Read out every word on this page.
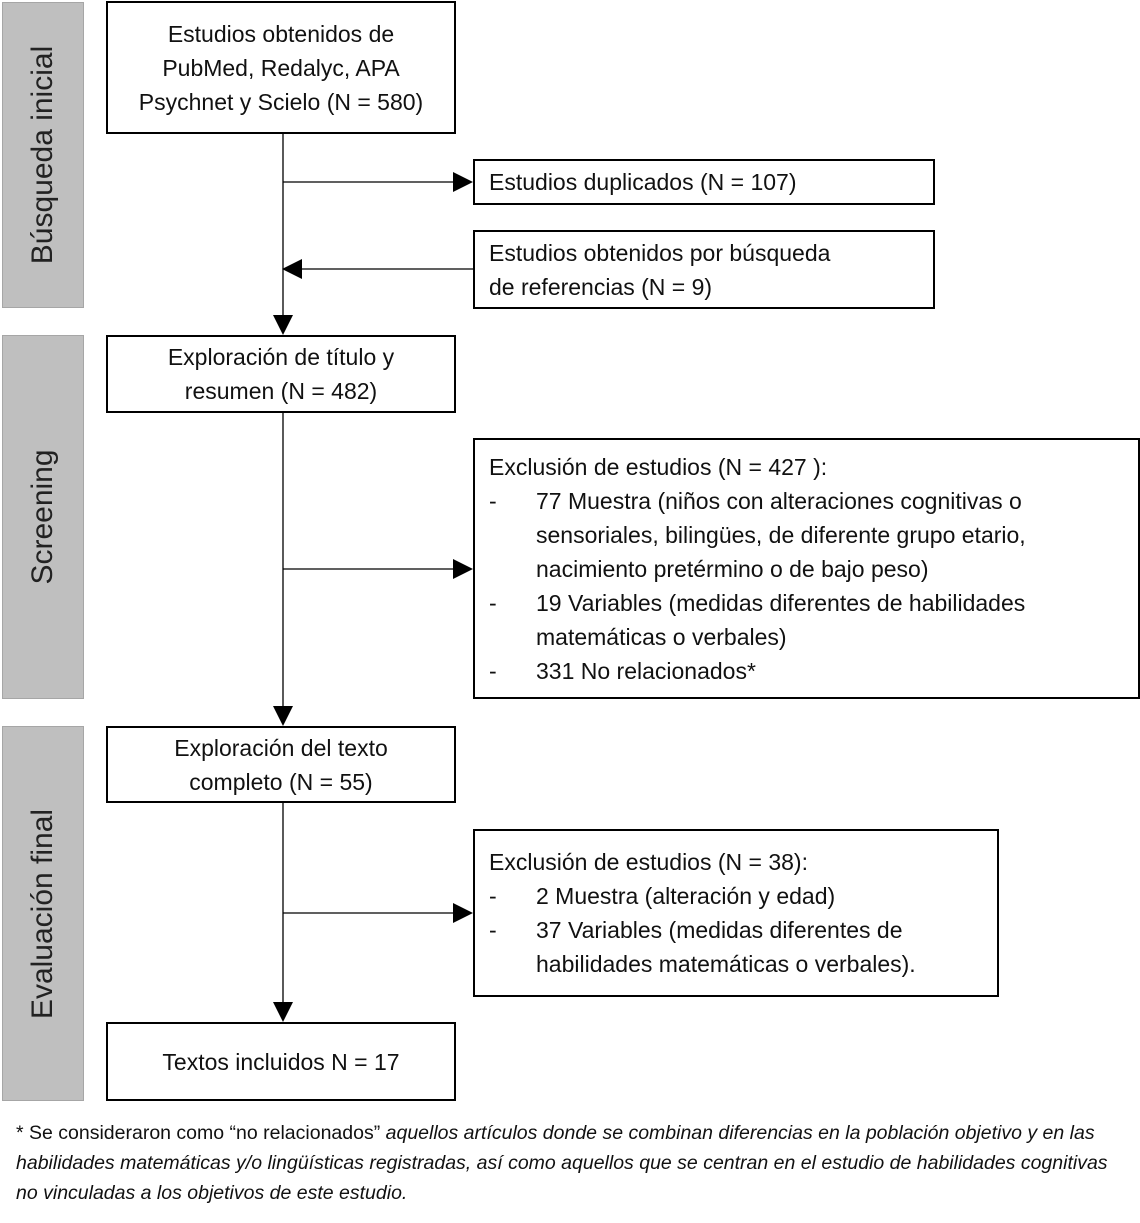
Búsqueda inicial
Screening
Evaluación final
Estudios obtenidos de
PubMed, Redalyc, APA
Psychnet y Scielo (N = 580)
Estudios duplicados (N = 107)
Estudios obtenidos por búsqueda
de referencias (N = 9)
Exploración de título y
resumen (N = 482)
Exclusión de estudios (N = 427 ):
-	77 Muestra (niños con alteraciones cognitivas o sensoriales, bilingües, de diferente grupo etario, nacimiento pretérmino o de bajo peso)
-	19 Variables (medidas diferentes de habilidades matemáticas o verbales)
-	331 No relacionados*
Exploración del texto
completo (N = 55)
Exclusión de estudios (N = 38):
-	2 Muestra (alteración y edad)
-	37 Variables (medidas diferentes de habilidades matemáticas o verbales).
Textos incluidos N = 17
* Se consideraron como “no relacionados” aquellos artículos donde se combinan diferencias en la población objetivo y en las habilidades matemáticas y/o lingüísticas registradas, así como aquellos que se centran en el estudio de habilidades cognitivas no vinculadas a los objetivos de este estudio.
